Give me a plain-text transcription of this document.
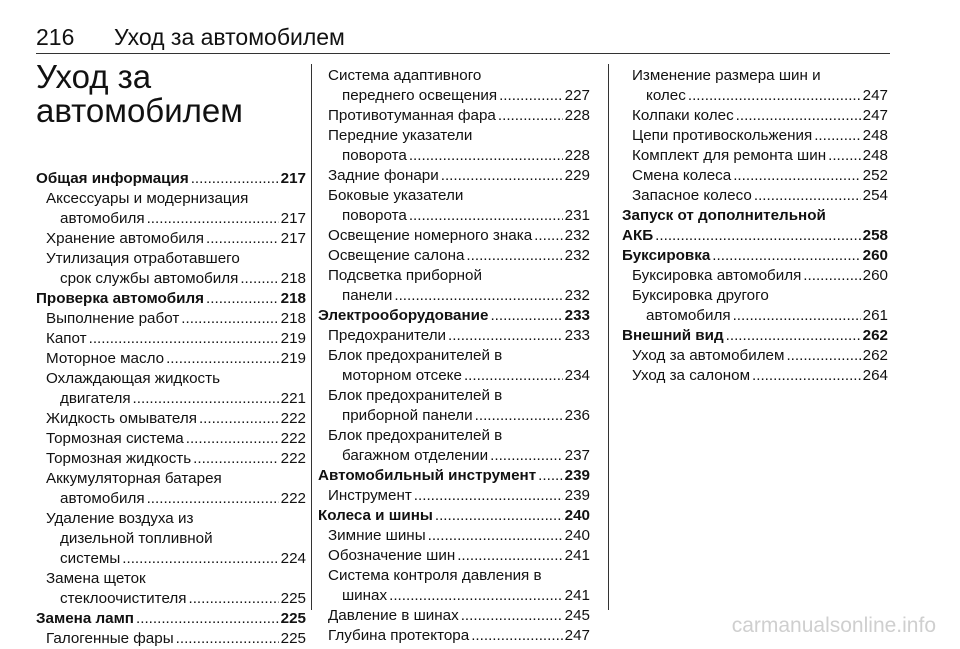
216 Уход за автомобилем
Уход за
автомобилем
Общая информация .....	217
Аксессуары и модернизация
автомобиля .....	217
Хранение автомобиля .....	217
Утилизация отработавшего
срок службы автомобиля .....	218
Проверка автомобиля .....	218
Выполнение работ .....	218
Капот .....	219
Моторное масло .....	219
Охлаждающая жидкость
двигателя .....	221
Жидкость омывателя .....	222
Тормозная система .....	222
Тормозная жидкость .....	222
Аккумуляторная батарея
автомобиля .....	222
Удаление воздуха из
дизельной топливной
системы .....	224
Замена щеток
стеклоочистителя .....	225
Замена ламп .....	225
Галогенные фары .....	225
Система адаптивного
переднего освещения .....	227
Противотуманная фара .....	228
Передние указатели
поворота .....	228
Задние фонари .....	229
Боковые указатели
поворота .....	231
Освещение номерного знака ..... 232
Освещение салона .....	232
Подсветка приборной
панели .....	232
Электрооборудование .....	233
Предохранители .....	233
Блок предохранителей в
моторном отсеке .....	234
Блок предохранителей в
приборной панели .....	236
Блок предохранителей в
багажном отделении .....	237
Автомобильный инструмент ..... 239
Инструмент .....	239
Колеса и шины .....	240
Зимние шины .....	240
Обозначение шин .....	241
Система контроля давления в
шинах .....	241
Давление в шинах .....	245
Глубина протектора .....	247
Изменение размера шин и
колес .....	247
Колпаки колес .....	247
Цепи противоскольжения .....	248
Комплект для ремонта шин ..... 248
Смена колеса .....	252
Запасное колесо .....	254
Запуск от дополнительной
АКБ .....	258
Буксировка .....	260
Буксировка автомобиля .....	260
Буксировка другого
автомобиля .....	261
Внешний вид .....	262
Уход за автомобилем .....	262
Уход за салоном .....	264
carmanualsonline.info
